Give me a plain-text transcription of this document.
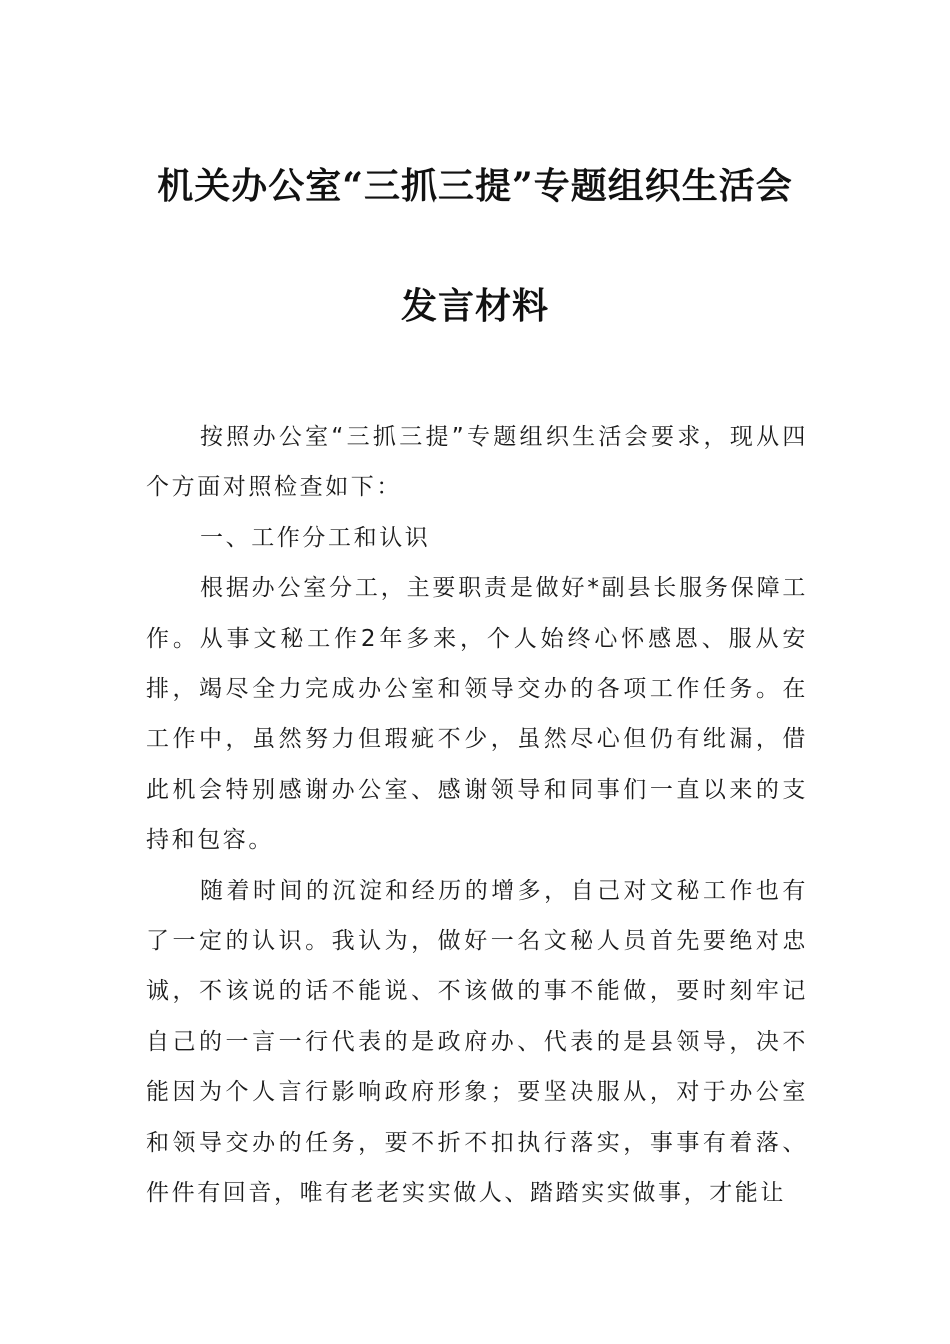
机关办公室“三抓三提”专题组织生活会
发言材料

按照办公室“三抓三提”专题组织生活会要求，现从四个方面对照检查如下：

一、工作分工和认识

根据办公室分工，主要职责是做好*副县长服务保障工作。从事文秘工作2年多来，个人始终心怀感恩、服从安排，竭尽全力完成办公室和领导交办的各项工作任务。在工作中，虽然努力但瑕疵不少，虽然尽心但仍有纰漏，借此机会特别感谢办公室、感谢领导和同事们一直以来的支持和包容。

随着时间的沉淀和经历的增多，自己对文秘工作也有了一定的认识。我认为，做好一名文秘人员首先要绝对忠诚，不该说的话不能说、不该做的事不能做，要时刻牢记自己的一言一行代表的是政府办、代表的是县领导，决不能因为个人言行影响政府形象；要坚决服从，对于办公室和领导交办的任务，要不折不扣执行落实，事事有着落、件件有回音，唯有老老实实做人、踏踏实实做事，才能让
